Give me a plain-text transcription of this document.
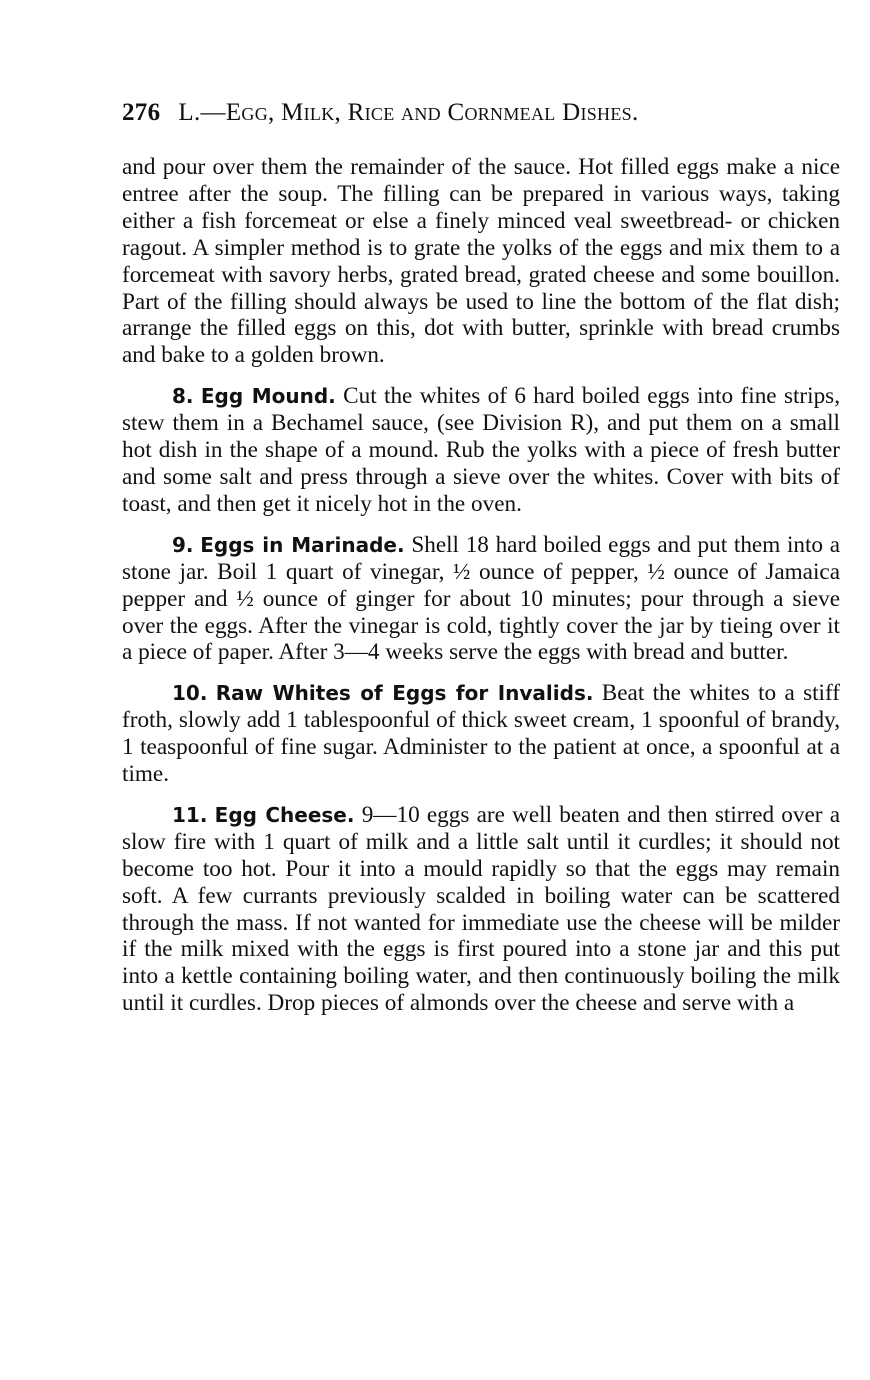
276 L.—Egg, Milk, Rice and Cornmeal Dishes.

and pour over them the remainder of the sauce. Hot filled eggs make a nice entree after the soup. The filling can be prepared in various ways, taking either a fish forcemeat or else a finely minced veal sweetbread- or chicken ragout. A simpler method is to grate the yolks of the eggs and mix them to a forcemeat with savory herbs, grated bread, grated cheese and some bouillon. Part of the filling should always be used to line the bottom of the flat dish; arrange the filled eggs on this, dot with butter, sprinkle with bread crumbs and bake to a golden brown.

8. Egg Mound. Cut the whites of 6 hard boiled eggs into fine strips, stew them in a Bechamel sauce, (see Division R), and put them on a small hot dish in the shape of a mound. Rub the yolks with a piece of fresh butter and some salt and press through a sieve over the whites. Cover with bits of toast, and then get it nicely hot in the oven.

9. Eggs in Marinade. Shell 18 hard boiled eggs and put them into a stone jar. Boil 1 quart of vinegar, ½ ounce of pepper, ½ ounce of Jamaica pepper and ½ ounce of ginger for about 10 minutes; pour through a sieve over the eggs. After the vinegar is cold, tightly cover the jar by tieing over it a piece of paper. After 3—4 weeks serve the eggs with bread and butter.

10. Raw Whites of Eggs for Invalids. Beat the whites to a stiff froth, slowly add 1 tablespoonful of thick sweet cream, 1 spoonful of brandy, 1 teaspoonful of fine sugar. Administer to the patient at once, a spoonful at a time.

11. Egg Cheese. 9—10 eggs are well beaten and then stirred over a slow fire with 1 quart of milk and a little salt until it curdles; it should not become too hot. Pour it into a mould rapidly so that the eggs may remain soft. A few currants previously scalded in boiling water can be scattered through the mass. If not wanted for immediate use the cheese will be milder if the milk mixed with the eggs is first poured into a stone jar and this put into a kettle containing boiling water, and then continuously boiling the milk until it curdles. Drop pieces of almonds over the cheese and serve with a
